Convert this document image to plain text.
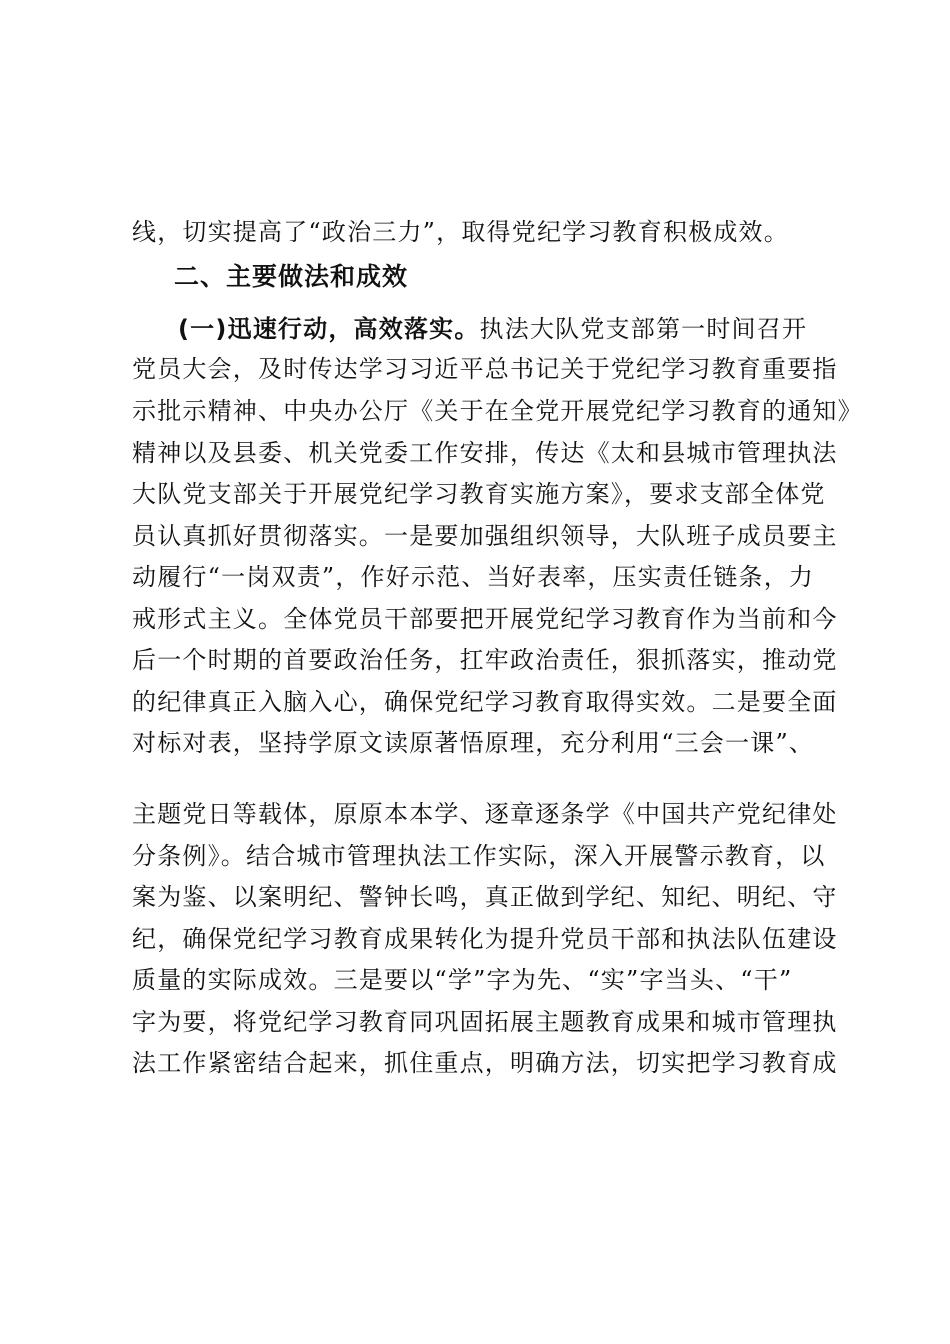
线，切实提高了“政治三力”，取得党纪学习教育积极成效。
二、主要做法和成效
(一)迅速行动，高效落实。执法大队党支部第一时间召开
党员大会，及时传达学习习近平总书记关于党纪学习教育重要指
示批示精神、中央办公厅《关于在全党开展党纪学习教育的通知》
精神以及县委、机关党委工作安排，传达《太和县城市管理执法
大队党支部关于开展党纪学习教育实施方案》，要求支部全体党
员认真抓好贯彻落实。一是要加强组织领导，大队班子成员要主
动履行“一岗双责”，作好示范、当好表率，压实责任链条，力
戒形式主义。全体党员干部要把开展党纪学习教育作为当前和今
后一个时期的首要政治任务，扛牢政治责任，狠抓落实，推动党
的纪律真正入脑入心，确保党纪学习教育取得实效。二是要全面
对标对表，坚持学原文读原著悟原理，充分利用“三会一课”、
主题党日等载体，原原本本学、逐章逐条学《中国共产党纪律处
分条例》。结合城市管理执法工作实际，深入开展警示教育，以
案为鉴、以案明纪、警钟长鸣，真正做到学纪、知纪、明纪、守
纪，确保党纪学习教育成果转化为提升党员干部和执法队伍建设
质量的实际成效。三是要以“学”字为先、“实”字当头、“干”
字为要，将党纪学习教育同巩固拓展主题教育成果和城市管理执
法工作紧密结合起来，抓住重点，明确方法，切实把学习教育成
